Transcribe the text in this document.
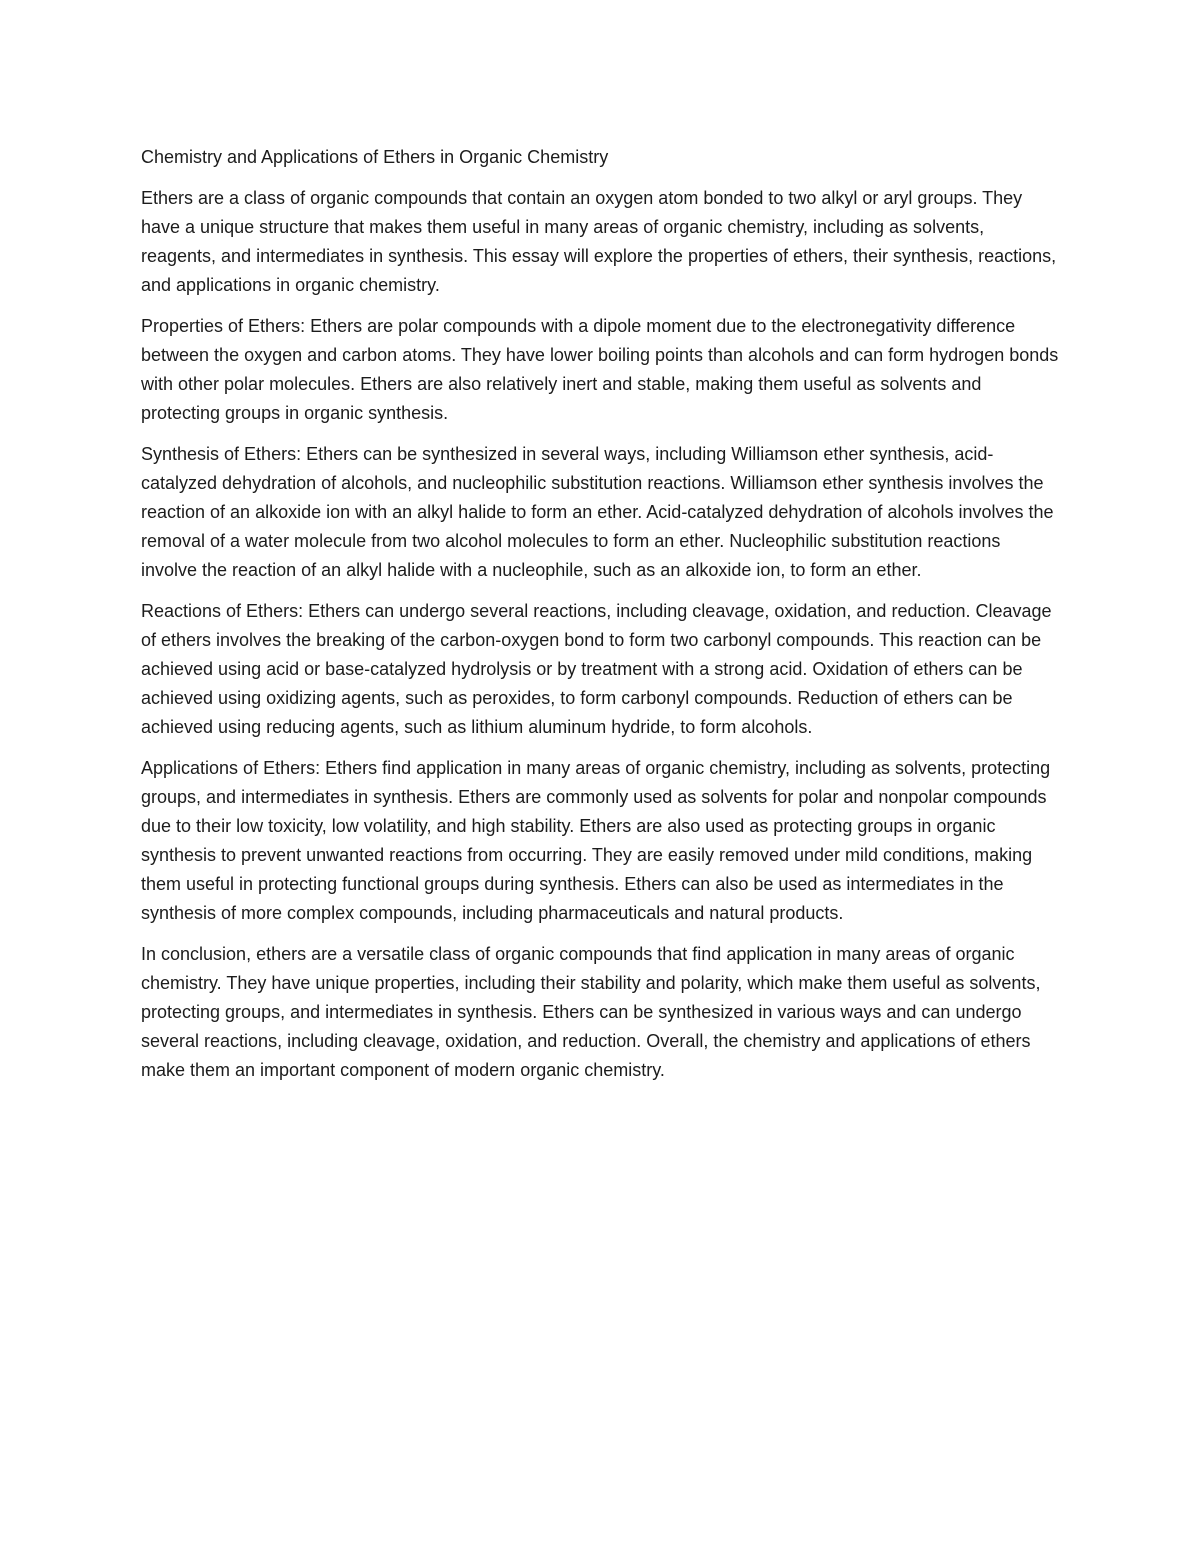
Chemistry and Applications of Ethers in Organic Chemistry

Ethers are a class of organic compounds that contain an oxygen atom bonded to two alkyl or aryl groups. They have a unique structure that makes them useful in many areas of organic chemistry, including as solvents, reagents, and intermediates in synthesis. This essay will explore the properties of ethers, their synthesis, reactions, and applications in organic chemistry.

Properties of Ethers: Ethers are polar compounds with a dipole moment due to the electronegativity difference between the oxygen and carbon atoms. They have lower boiling points than alcohols and can form hydrogen bonds with other polar molecules. Ethers are also relatively inert and stable, making them useful as solvents and protecting groups in organic synthesis.

Synthesis of Ethers: Ethers can be synthesized in several ways, including Williamson ether synthesis, acid-catalyzed dehydration of alcohols, and nucleophilic substitution reactions. Williamson ether synthesis involves the reaction of an alkoxide ion with an alkyl halide to form an ether. Acid-catalyzed dehydration of alcohols involves the removal of a water molecule from two alcohol molecules to form an ether. Nucleophilic substitution reactions involve the reaction of an alkyl halide with a nucleophile, such as an alkoxide ion, to form an ether.

Reactions of Ethers: Ethers can undergo several reactions, including cleavage, oxidation, and reduction. Cleavage of ethers involves the breaking of the carbon-oxygen bond to form two carbonyl compounds. This reaction can be achieved using acid or base-catalyzed hydrolysis or by treatment with a strong acid. Oxidation of ethers can be achieved using oxidizing agents, such as peroxides, to form carbonyl compounds. Reduction of ethers can be achieved using reducing agents, such as lithium aluminum hydride, to form alcohols.

Applications of Ethers: Ethers find application in many areas of organic chemistry, including as solvents, protecting groups, and intermediates in synthesis. Ethers are commonly used as solvents for polar and nonpolar compounds due to their low toxicity, low volatility, and high stability. Ethers are also used as protecting groups in organic synthesis to prevent unwanted reactions from occurring. They are easily removed under mild conditions, making them useful in protecting functional groups during synthesis. Ethers can also be used as intermediates in the synthesis of more complex compounds, including pharmaceuticals and natural products.

In conclusion, ethers are a versatile class of organic compounds that find application in many areas of organic chemistry. They have unique properties, including their stability and polarity, which make them useful as solvents, protecting groups, and intermediates in synthesis. Ethers can be synthesized in various ways and can undergo several reactions, including cleavage, oxidation, and reduction. Overall, the chemistry and applications of ethers make them an important component of modern organic chemistry.
